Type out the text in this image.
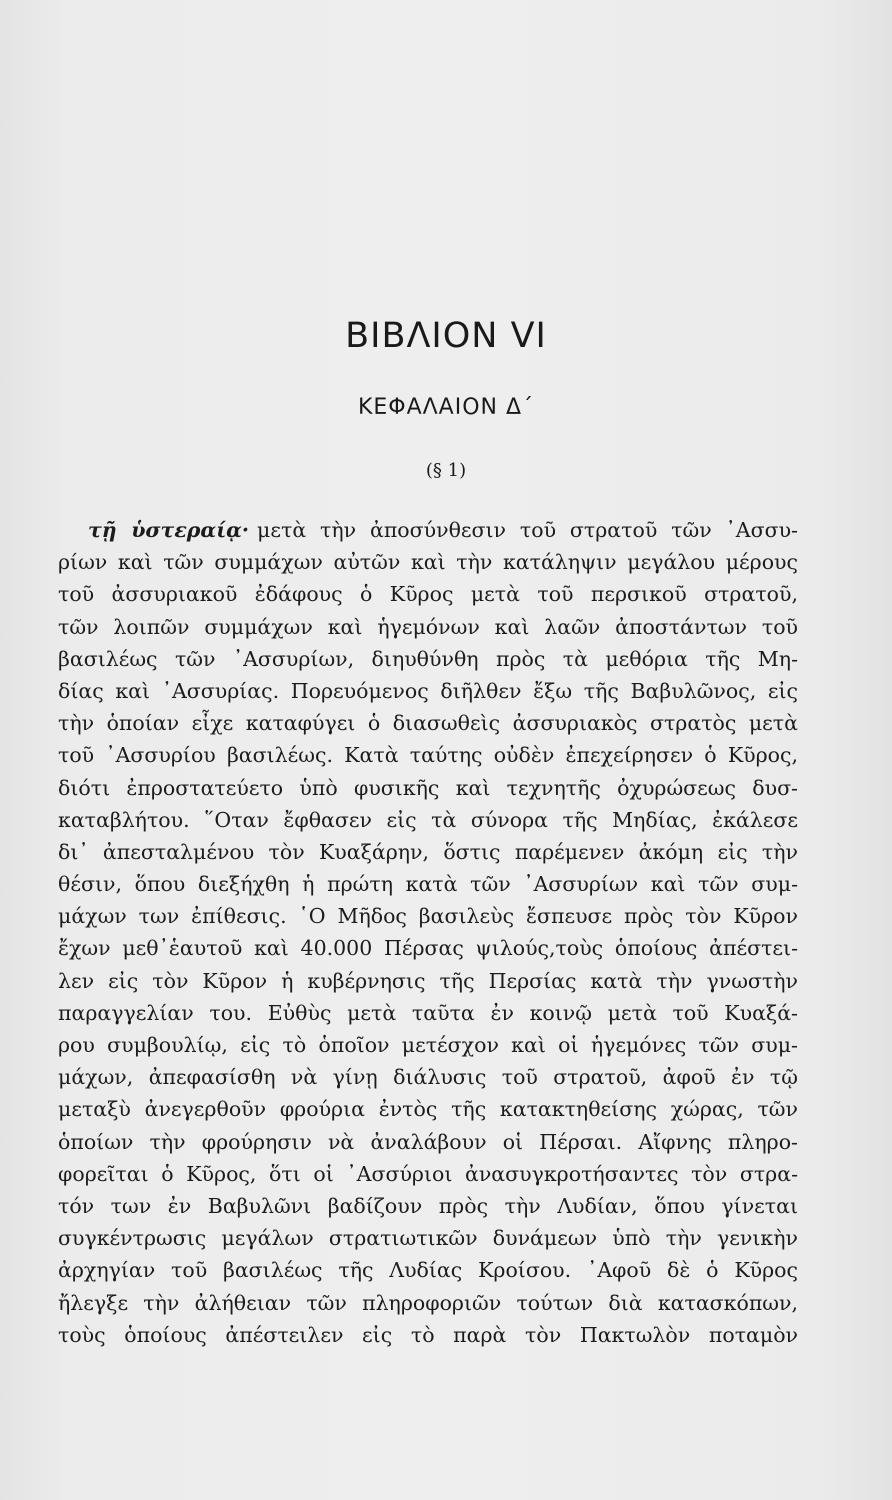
ΒΙΒΛΙΟΝ VI
ΚΕΦΑΛΑΙΟΝ Δ΄
(§ 1)
τῇ ὑστεραίᾳ· μετὰ τὴν ἀποσύνθεσιν τοῦ στρατοῦ τῶν ᾿Ασσυ-
ρίων καὶ τῶν συμμάχων αὐτῶν καὶ τὴν κατάληψιν μεγάλου μέρους
τοῦ ἀσσυριακοῦ ἐδάφους ὁ Κῦρος μετὰ τοῦ περσικοῦ στρατοῦ,
τῶν λοιπῶν συμμάχων καὶ ἡγεμόνων καὶ λαῶν ἀποστάντων τοῦ
βασιλέως τῶν ᾿Ασσυρίων, διηυθύνθη πρὸς τὰ μεθόρια τῆς Μη-
δίας καὶ ᾿Ασσυρίας. Πορευόμενος διῆλθεν ἔξω τῆς Βαβυλῶνος, εἰς
τὴν ὁποίαν εἶχε καταφύγει ὁ διασωθεὶς ἀσσυριακὸς στρατὸς μετὰ
τοῦ ᾿Ασσυρίου βασιλέως. Κατὰ ταύτης οὐδὲν ἐπεχείρησεν ὁ Κῦρος,
διότι ἐπροστατεύετο ὑπὸ φυσικῆς καὶ τεχνητῆς ὀχυρώσεως δυσ-
καταβλήτου. ῞Οταν ἔφθασεν εἰς τὰ σύνορα τῆς Μηδίας, ἐκάλεσε
δι᾿ ἀπεσταλμένου τὸν Κυαξάρην, ὅστις παρέμενεν ἀκόμη εἰς τὴν
θέσιν, ὅπου διεξήχθη ἡ πρώτη κατὰ τῶν ᾿Ασσυρίων καὶ τῶν συμ-
μάχων των ἐπίθεσις. ῾Ο Μῆδος βασιλεὺς ἔσπευσε πρὸς τὸν Κῦρον
ἔχων μεθ᾿ἑαυτοῦ καὶ 40.000 Πέρσας ψιλούς,τοὺς ὁποίους ἀπέστει-
λεν εἰς τὸν Κῦρον ἡ κυβέρνησις τῆς Περσίας κατὰ τὴν γνωστὴν
παραγγελίαν του. Εὐθὺς μετὰ ταῦτα ἐν κοινῷ μετὰ τοῦ Κυαξά-
ρου συμβουλίῳ, εἰς τὸ ὁποῖον μετέσχον καὶ οἱ ἡγεμόνες τῶν συμ-
μάχων, ἀπεφασίσθη νὰ γίνῃ διάλυσις τοῦ στρατοῦ, ἀφοῦ ἐν τῷ
μεταξὺ ἀνεγερθοῦν φρούρια ἐντὸς τῆς κατακτηθείσης χώρας, τῶν
ὁποίων τὴν φρούρησιν νὰ ἀναλάβουν οἱ Πέρσαι. Αἴφνης πληρο-
φορεῖται ὁ Κῦρος, ὅτι οἱ ᾿Ασσύριοι ἀνασυγκροτήσαντες τὸν στρα-
τόν των ἐν Βαβυλῶνι βαδίζουν πρὸς τὴν Λυδίαν, ὅπου γίνεται
συγκέντρωσις μεγάλων στρατιωτικῶν δυνάμεων ὑπὸ τὴν γενικὴν
ἀρχηγίαν τοῦ βασιλέως τῆς Λυδίας Κροίσου. ᾿Αφοῦ δὲ ὁ Κῦρος
ἤλεγξε τὴν ἀλήθειαν τῶν πληροφοριῶν τούτων διὰ κατασκόπων,
τοὺς ὁποίους ἀπέστειλεν εἰς τὸ παρὰ τὸν Πακτωλὸν ποταμὸν
